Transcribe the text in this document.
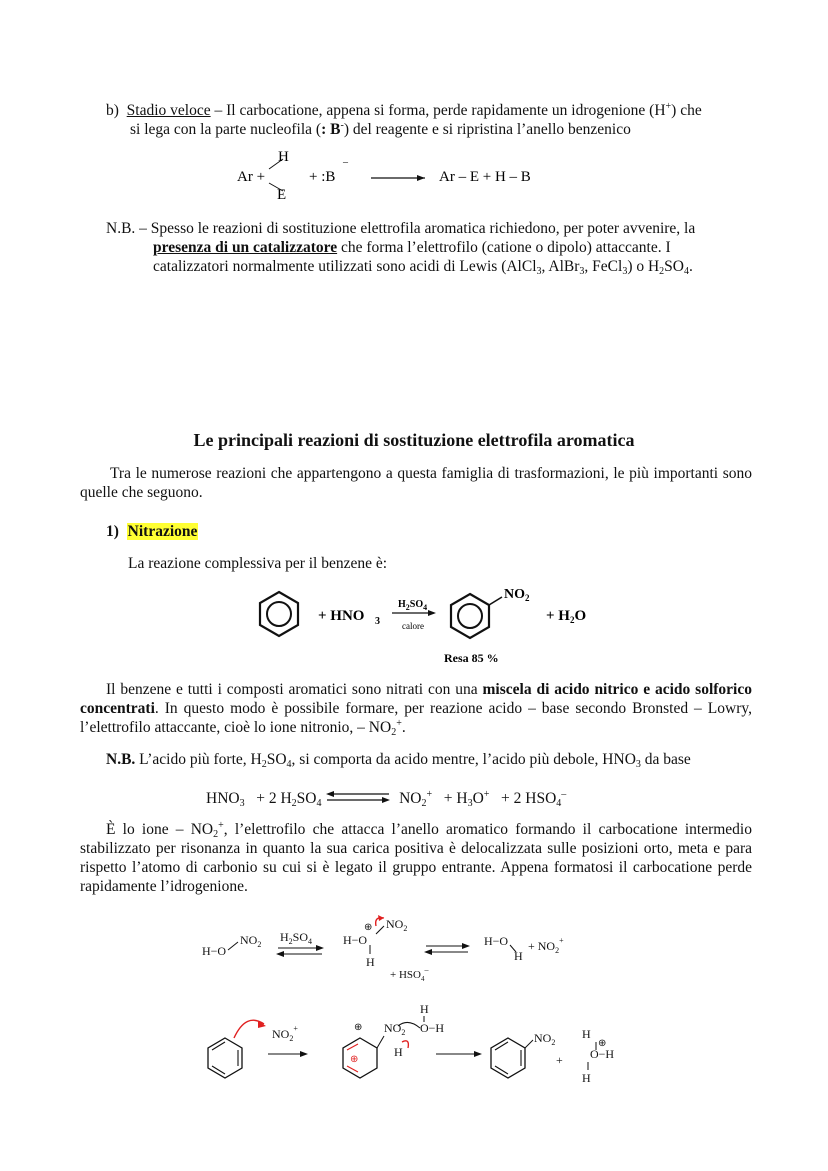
b) Stadio veloce – Il carbocatione, appena si forma, perde rapidamente un idrogenione (H+) che
si lega con la parte nucleofila (: B-) del reagente e si ripristina l’anello benzenico
H
Ar +
E
+ :B
–
Ar – E + H – B
N.B. – Spesso le reazioni di sostituzione elettrofila aromatica richiedono, per poter avvenire, la
presenza di un catalizzatore che forma l’elettrofilo (catione o dipolo) attaccante. I
catalizzatori normalmente utilizzati sono acidi di Lewis (AlCl$_3$, AlBr$_3$, FeCl$_3$) o $H_2SO_4$.
Le principali reazioni di sostituzione elettrofila aromatica
Tra le numerose reazioni che appartengono a questa famiglia di trasformazioni, le più importanti sono quelle che seguono.
1) Nitrazione
La reazione complessiva per il benzene è:
+ HNO 3
$H_2SO_4$
calore
$NO_2$
+ $H_2O$
Resa 85 %
Il benzene e tutti i composti aromatici sono nitrati con una miscela di acido nitrico e acido solforico concentrati. In questo modo è possibile formare, per reazione acido – base secondo Bronsted – Lowry, l’elettrofilo attaccante, cioè lo ione nitronio, – $NO_2^+$.
N.B. L’acido più forte, $H_2SO_4$, si comporta da acido mentre, l’acido più debole, $HNO_3$ da base
$HNO_3 + 2$ $H_2SO_4$	$NO_2^+ + H_3O^+ + 2$ $HSO_4^-$
È lo ione – $NO_2^+$, l’elettrofilo che attacca l’anello aromatico formando il carbocatione intermedio stabilizzato per risonanza in quanto la sua carica positiva è delocalizzata sulle posizioni orto, meta e para rispetto l’atomo di carbonio su cui si è legato il gruppo entrante. Appena formatosi il carbocatione perde rapidamente l’idrogenione.
H−O
$NO_2$
$H_2SO_4$	H−O
⊕
H
$NO_2$
+ $HSO_4^-$
H−O
H
+ $NO_2^+$
$NO_2^+$
⊕
⊕ $NO_2$
H
H
O−H
$NO_2$
+
H
⊕
O−H
H
